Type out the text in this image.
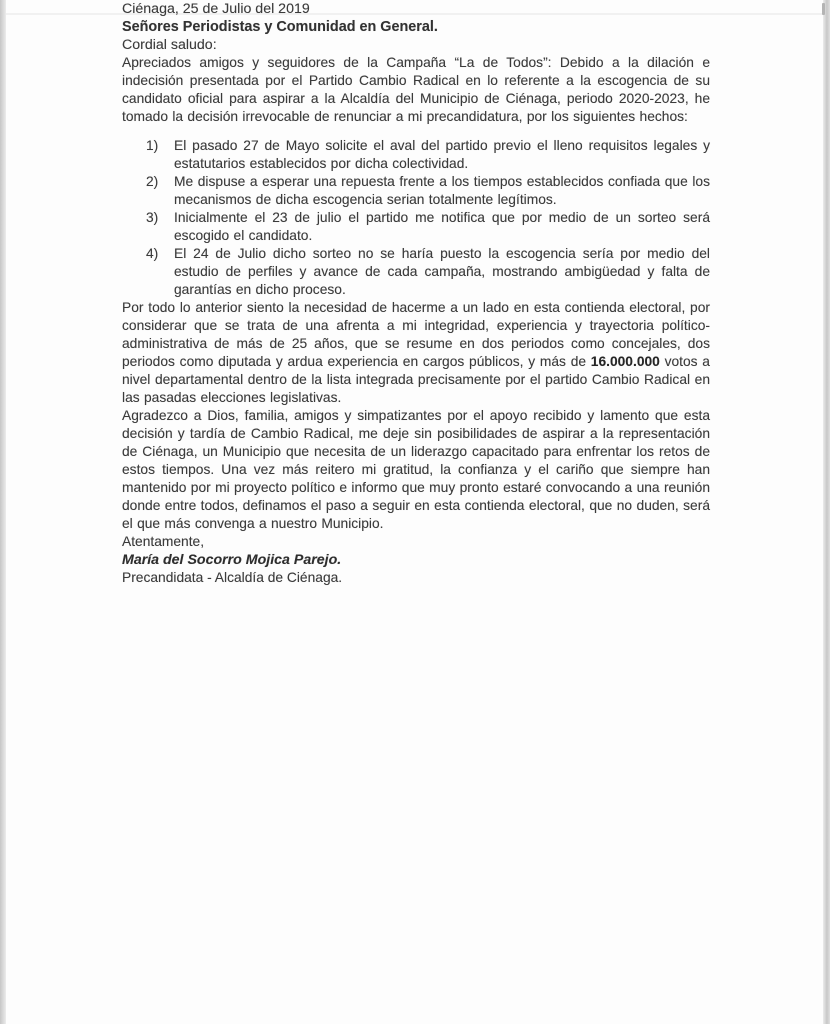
Ciénaga, 25 de Julio del 2019

Señores Periodistas y Comunidad en General.

Cordial saludo:

Apreciados amigos y seguidores de la Campaña “La de Todos”: Debido a la dilación e indecisión presentada por el Partido Cambio Radical en lo referente a la escogencia de su candidato oficial para aspirar a la Alcaldía del Municipio de Ciénaga, periodo 2020-2023, he tomado la decisión irrevocable de renunciar a mi precandidatura, por los siguientes hechos:

1)	El pasado 27 de Mayo solicite el aval del partido previo el lleno requisitos legales y estatutarios establecidos por dicha colectividad.
2)	Me dispuse a esperar una repuesta frente a los tiempos establecidos confiada que los mecanismos de dicha escogencia serian totalmente legítimos.
3)	Inicialmente el 23 de julio el partido me notifica que por medio de un sorteo será escogido el candidato.
4)	El 24 de Julio dicho sorteo no se haría puesto la escogencia sería por medio del estudio de perfiles y avance de cada campaña, mostrando ambigüedad y falta de garantías en dicho proceso.

Por todo lo anterior siento la necesidad de hacerme a un lado en esta contienda electoral, por considerar que se trata de una afrenta a mi integridad, experiencia y trayectoria político-administrativa de más de 25 años, que se resume en dos periodos como concejales, dos periodos como diputada y ardua experiencia en cargos públicos, y más de 16.000.000 votos a nivel departamental dentro de la lista integrada precisamente por el partido Cambio Radical en las pasadas elecciones legislativas.

Agradezco a Dios, familia, amigos y simpatizantes por el apoyo recibido y lamento que esta decisión y tardía de Cambio Radical, me deje sin posibilidades de aspirar a la representación de Ciénaga, un Municipio que necesita de un liderazgo capacitado para enfrentar los retos de estos tiempos. Una vez más reitero mi gratitud, la confianza y el cariño que siempre han mantenido por mi proyecto político e informo que muy pronto estaré convocando a una reunión donde entre todos, definamos el paso a seguir en esta contienda electoral, que no duden, será el que más convenga a nuestro Municipio.

Atentamente,

María del Socorro Mojica Parejo.

Precandidata - Alcaldía de Ciénaga.
